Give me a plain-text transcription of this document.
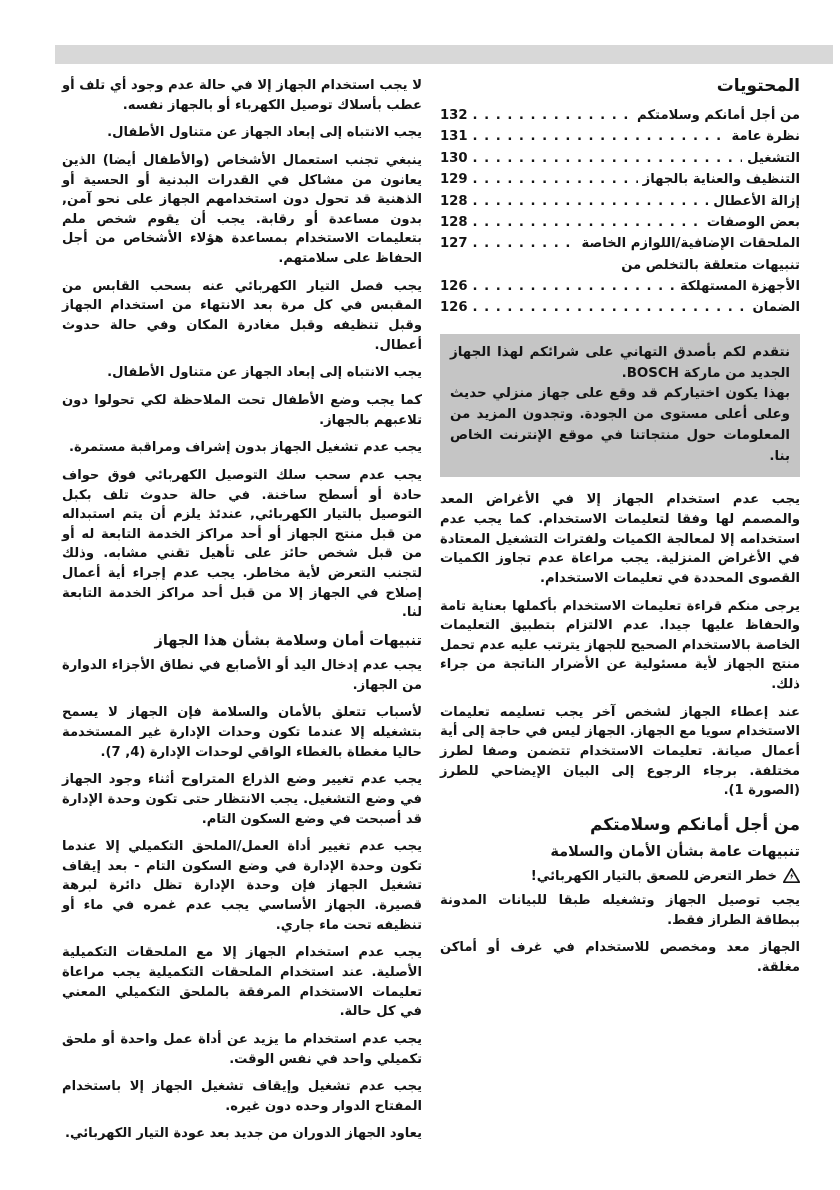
المحتويات
من أجل أمانكم وسلامتكم
. . .
132
نظرة عامة
. . .
131
التشغيل
. . .
130
التنظيف والعناية بالجهاز
. . .
129
إزالة الأعطال
. . .
128
بعض الوصفات
. . .
128
الملحقات الإضافية/اللوازم الخاصة
. . .
127
تنبيهات متعلقة بالتخلص من
الأجهزة المستهلكة
. . .
126
الضمان
. . .
126

نتقدم لكم بأصدق التهاني على شرائكم لهذا الجهاز الجديد من ماركة BOSCH.

بهذا يكون اختياركم قد وقع على جهاز منزلي حديث وعلى أعلى مستوى من الجودة. وتجدون المزيد من المعلومات حول منتجاتنا في موقع الإنترنت الخاص بنا.

يجب عدم استخدام الجهاز إلا في الأغراض المعد والمصمم لها وفقا لتعليمات الاستخدام. كما يجب عدم استخدامه إلا لمعالجة الكميات ولفترات التشغيل المعتادة في الأغراض المنزلية. يجب مراعاة عدم تجاوز الكميات القصوى المحددة في تعليمات الاستخدام.

يرجى منكم قراءة تعليمات الاستخدام بأكملها بعناية تامة والحفاظ عليها جيدا. عدم الالتزام بتطبيق التعليمات الخاصة بالاستخدام الصحيح للجهاز يترتب عليه عدم تحمل منتج الجهاز لأية مسئولية عن الأضرار الناتجة من جراء ذلك.

عند إعطاء الجهاز لشخص آخر يجب تسليمه تعليمات الاستخدام سويا مع الجهاز. الجهاز ليس في حاجة إلى أية أعمال صيانة. تعليمات الاستخدام تتضمن وصفا لطرز مختلفة. برجاء الرجوع إلى البيان الإيضاحي للطرز (الصورة 1).

من أجل أمانكم وسلامتكم
تنبيهات عامة بشأن الأمان والسلامة
خطر التعرض للصعق بالتيار الكهربائي!

يجب توصيل الجهاز وتشغيله طبقا للبيانات المدونة ببطاقة الطراز فقط.

الجهاز معد ومخصص للاستخدام في غرف أو أماكن مغلقة.

لا يجب استخدام الجهاز إلا في حالة عدم وجود أي تلف أو عطب بأسلاك توصيل الكهرباء أو بالجهاز نفسه.

يجب الانتباه إلى إبعاد الجهاز عن متناول الأطفال.

ينبغي تجنب استعمال الأشخاص (والأطفال أيضا) الذين يعانون من مشاكل في القدرات البدنية أو الحسية أو الذهنية قد تحول دون استخدامهم الجهاز على نحو آمن, بدون مساعدة أو رقابة. يجب أن يقوم شخص ملم بتعليمات الاستخدام بمساعدة هؤلاء الأشخاص من أجل الحفاظ على سلامتهم.

يجب فصل التيار الكهربائي عنه بسحب القابس من المقبس في كل مرة بعد الانتهاء من استخدام الجهاز وقبل تنظيفه وقبل مغادرة المكان وفي حالة حدوث أعطال.

يجب الانتباه إلى إبعاد الجهاز عن متناول الأطفال.

كما يجب وضع الأطفال تحت الملاحظة لكي تحولوا دون تلاعبهم بالجهاز.

يجب عدم تشغيل الجهاز بدون إشراف ومراقبة مستمرة.

يجب عدم سحب سلك التوصيل الكهربائي فوق حواف حادة أو أسطح ساخنة. في حالة حدوث تلف بكبل التوصيل بالتيار الكهربائي, عندئذ يلزم أن يتم استبداله من قبل منتج الجهاز أو أحد مراكز الخدمة التابعة له أو من قبل شخص حائز على تأهيل تقني مشابه. وذلك لتجنب التعرض لأية مخاطر. يجب عدم إجراء أية أعمال إصلاح في الجهاز إلا من قبل أحد مراكز الخدمة التابعة لنا.

تنبيهات أمان وسلامة بشأن هذا الجهاز

يجب عدم إدخال اليد أو الأصابع في نطاق الأجزاء الدوارة من الجهاز.

لأسباب تتعلق بالأمان والسلامة فإن الجهاز لا يسمح بتشغيله إلا عندما تكون وحدات الإدارة غير المستخدمة حاليا مغطاة بالغطاء الواقي لوحدات الإدارة (4, 7).

يجب عدم تغيير وضع الذراع المتراوح أثناء وجود الجهاز في وضع التشغيل. يجب الانتظار حتى تكون وحدة الإدارة قد أصبحت في وضع السكون التام.

يجب عدم تغيير أداة العمل/الملحق التكميلي إلا عندما تكون وحدة الإدارة في وضع السكون التام - بعد إيقاف تشغيل الجهاز فإن وحدة الإدارة تظل دائرة لبرهة قصيرة. الجهاز الأساسي يجب عدم غمره في ماء أو تنظيفه تحت ماء جاري.

يجب عدم استخدام الجهاز إلا مع الملحقات التكميلية الأصلية. عند استخدام الملحقات التكميلية يجب مراعاة تعليمات الاستخدام المرفقة بالملحق التكميلي المعني في كل حالة.

يجب عدم استخدام ما يزيد عن أداة عمل واحدة أو ملحق تكميلي واحد في نفس الوقت.

يجب عدم تشغيل وإيقاف تشغيل الجهاز إلا باستخدام المفتاح الدوار وحده دون غيره.

يعاود الجهاز الدوران من جديد بعد عودة التيار الكهربائي.
